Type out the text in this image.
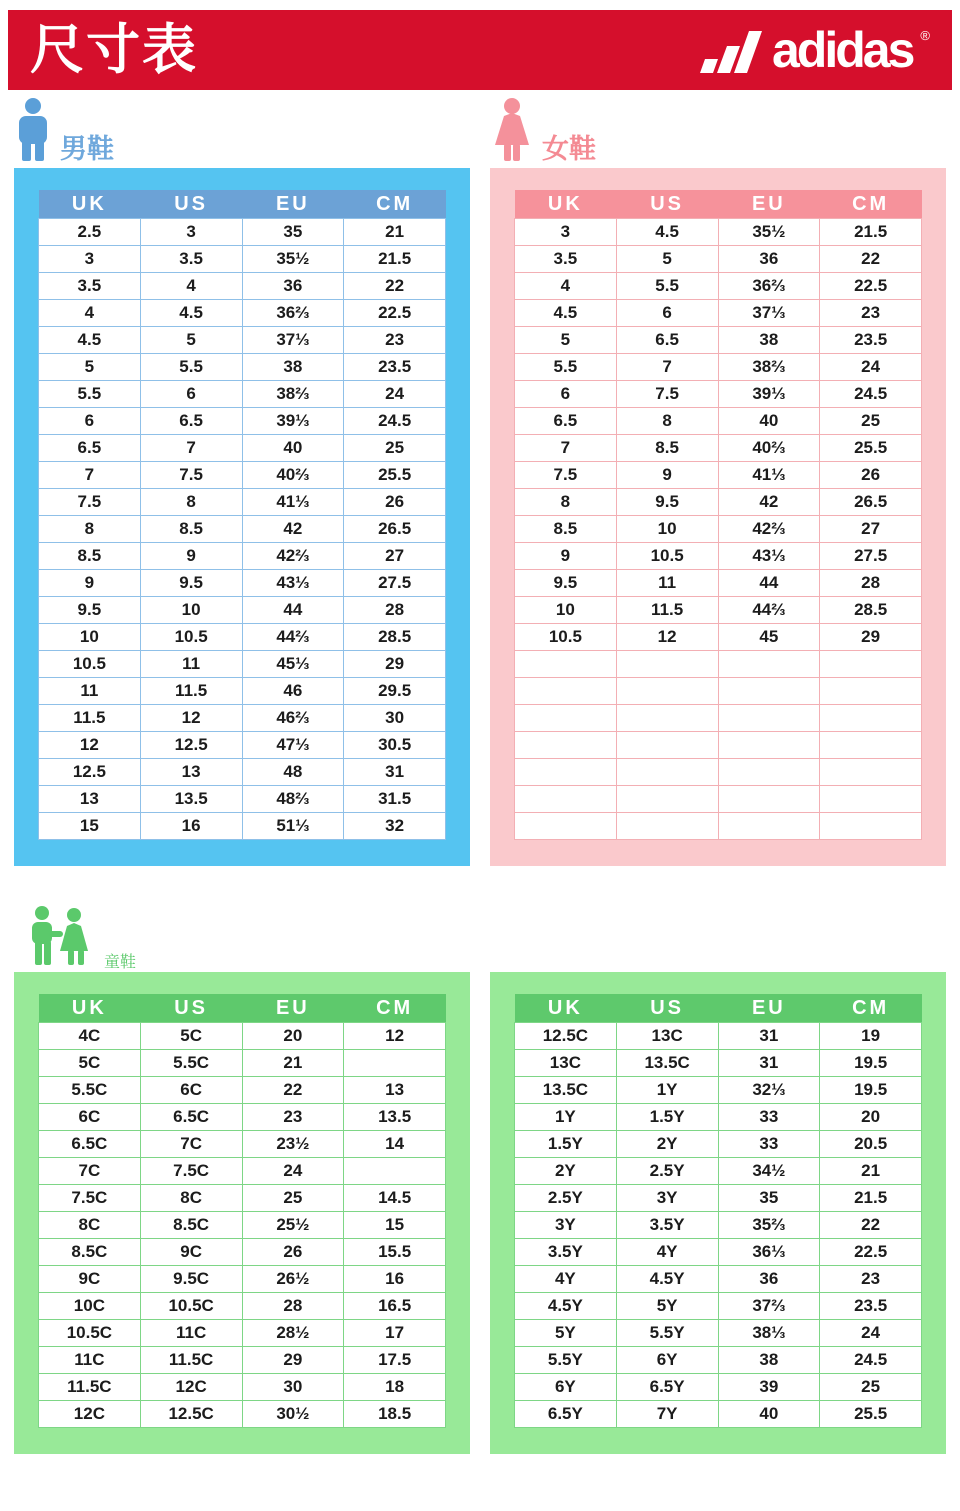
尺寸表	adidas ®
男鞋
UK	US	EU	CM
2.5	3	35	21
3	3.5	35½	21.5
3.5	4	36	22
4	4.5	36⅔	22.5
4.5	5	37⅓	23
5	5.5	38	23.5
5.5	6	38⅔	24
6	6.5	39⅓	24.5
6.5	7	40	25
7	7.5	40⅔	25.5
7.5	8	41⅓	26
8	8.5	42	26.5
8.5	9	42⅔	27
9	9.5	43⅓	27.5
9.5	10	44	28
10	10.5	44⅔	28.5
10.5	11	45⅓	29
11	11.5	46	29.5
11.5	12	46⅔	30
12	12.5	47⅓	30.5
12.5	13	48	31
13	13.5	48⅔	31.5
15	16	51⅓	32
女鞋
UK	US	EU	CM
3	4.5	35½	21.5
3.5	5	36	22
4	5.5	36⅔	22.5
4.5	6	37⅓	23
5	6.5	38	23.5
5.5	7	38⅔	24
6	7.5	39⅓	24.5
6.5	8	40	25
7	8.5	40⅔	25.5
7.5	9	41⅓	26
8	9.5	42	26.5
8.5	10	42⅔	27
9	10.5	43⅓	27.5
9.5	11	44	28
10	11.5	44⅔	28.5
10.5	12	45	29

童鞋
UK	US	EU	CM
4C	5C	20	12
5C	5.5C	21	
5.5C	6C	22	13
6C	6.5C	23	13.5
6.5C	7C	23½	14
7C	7.5C	24	
7.5C	8C	25	14.5
8C	8.5C	25½	15
8.5C	9C	26	15.5
9C	9.5C	26½	16
10C	10.5C	28	16.5
10.5C	11C	28½	17
11C	11.5C	29	17.5
11.5C	12C	30	18
12C	12.5C	30½	18.5
UK	US	EU	CM
12.5C	13C	31	19
13C	13.5C	31	19.5
13.5C	1Y	32⅓	19.5
1Y	1.5Y	33	20
1.5Y	2Y	33	20.5
2Y	2.5Y	34½	21
2.5Y	3Y	35	21.5
3Y	3.5Y	35⅔	22
3.5Y	4Y	36⅓	22.5
4Y	4.5Y	36	23
4.5Y	5Y	37⅔	23.5
5Y	5.5Y	38⅓	24
5.5Y	6Y	38	24.5
6Y	6.5Y	39	25
6.5Y	7Y	40	25.5
